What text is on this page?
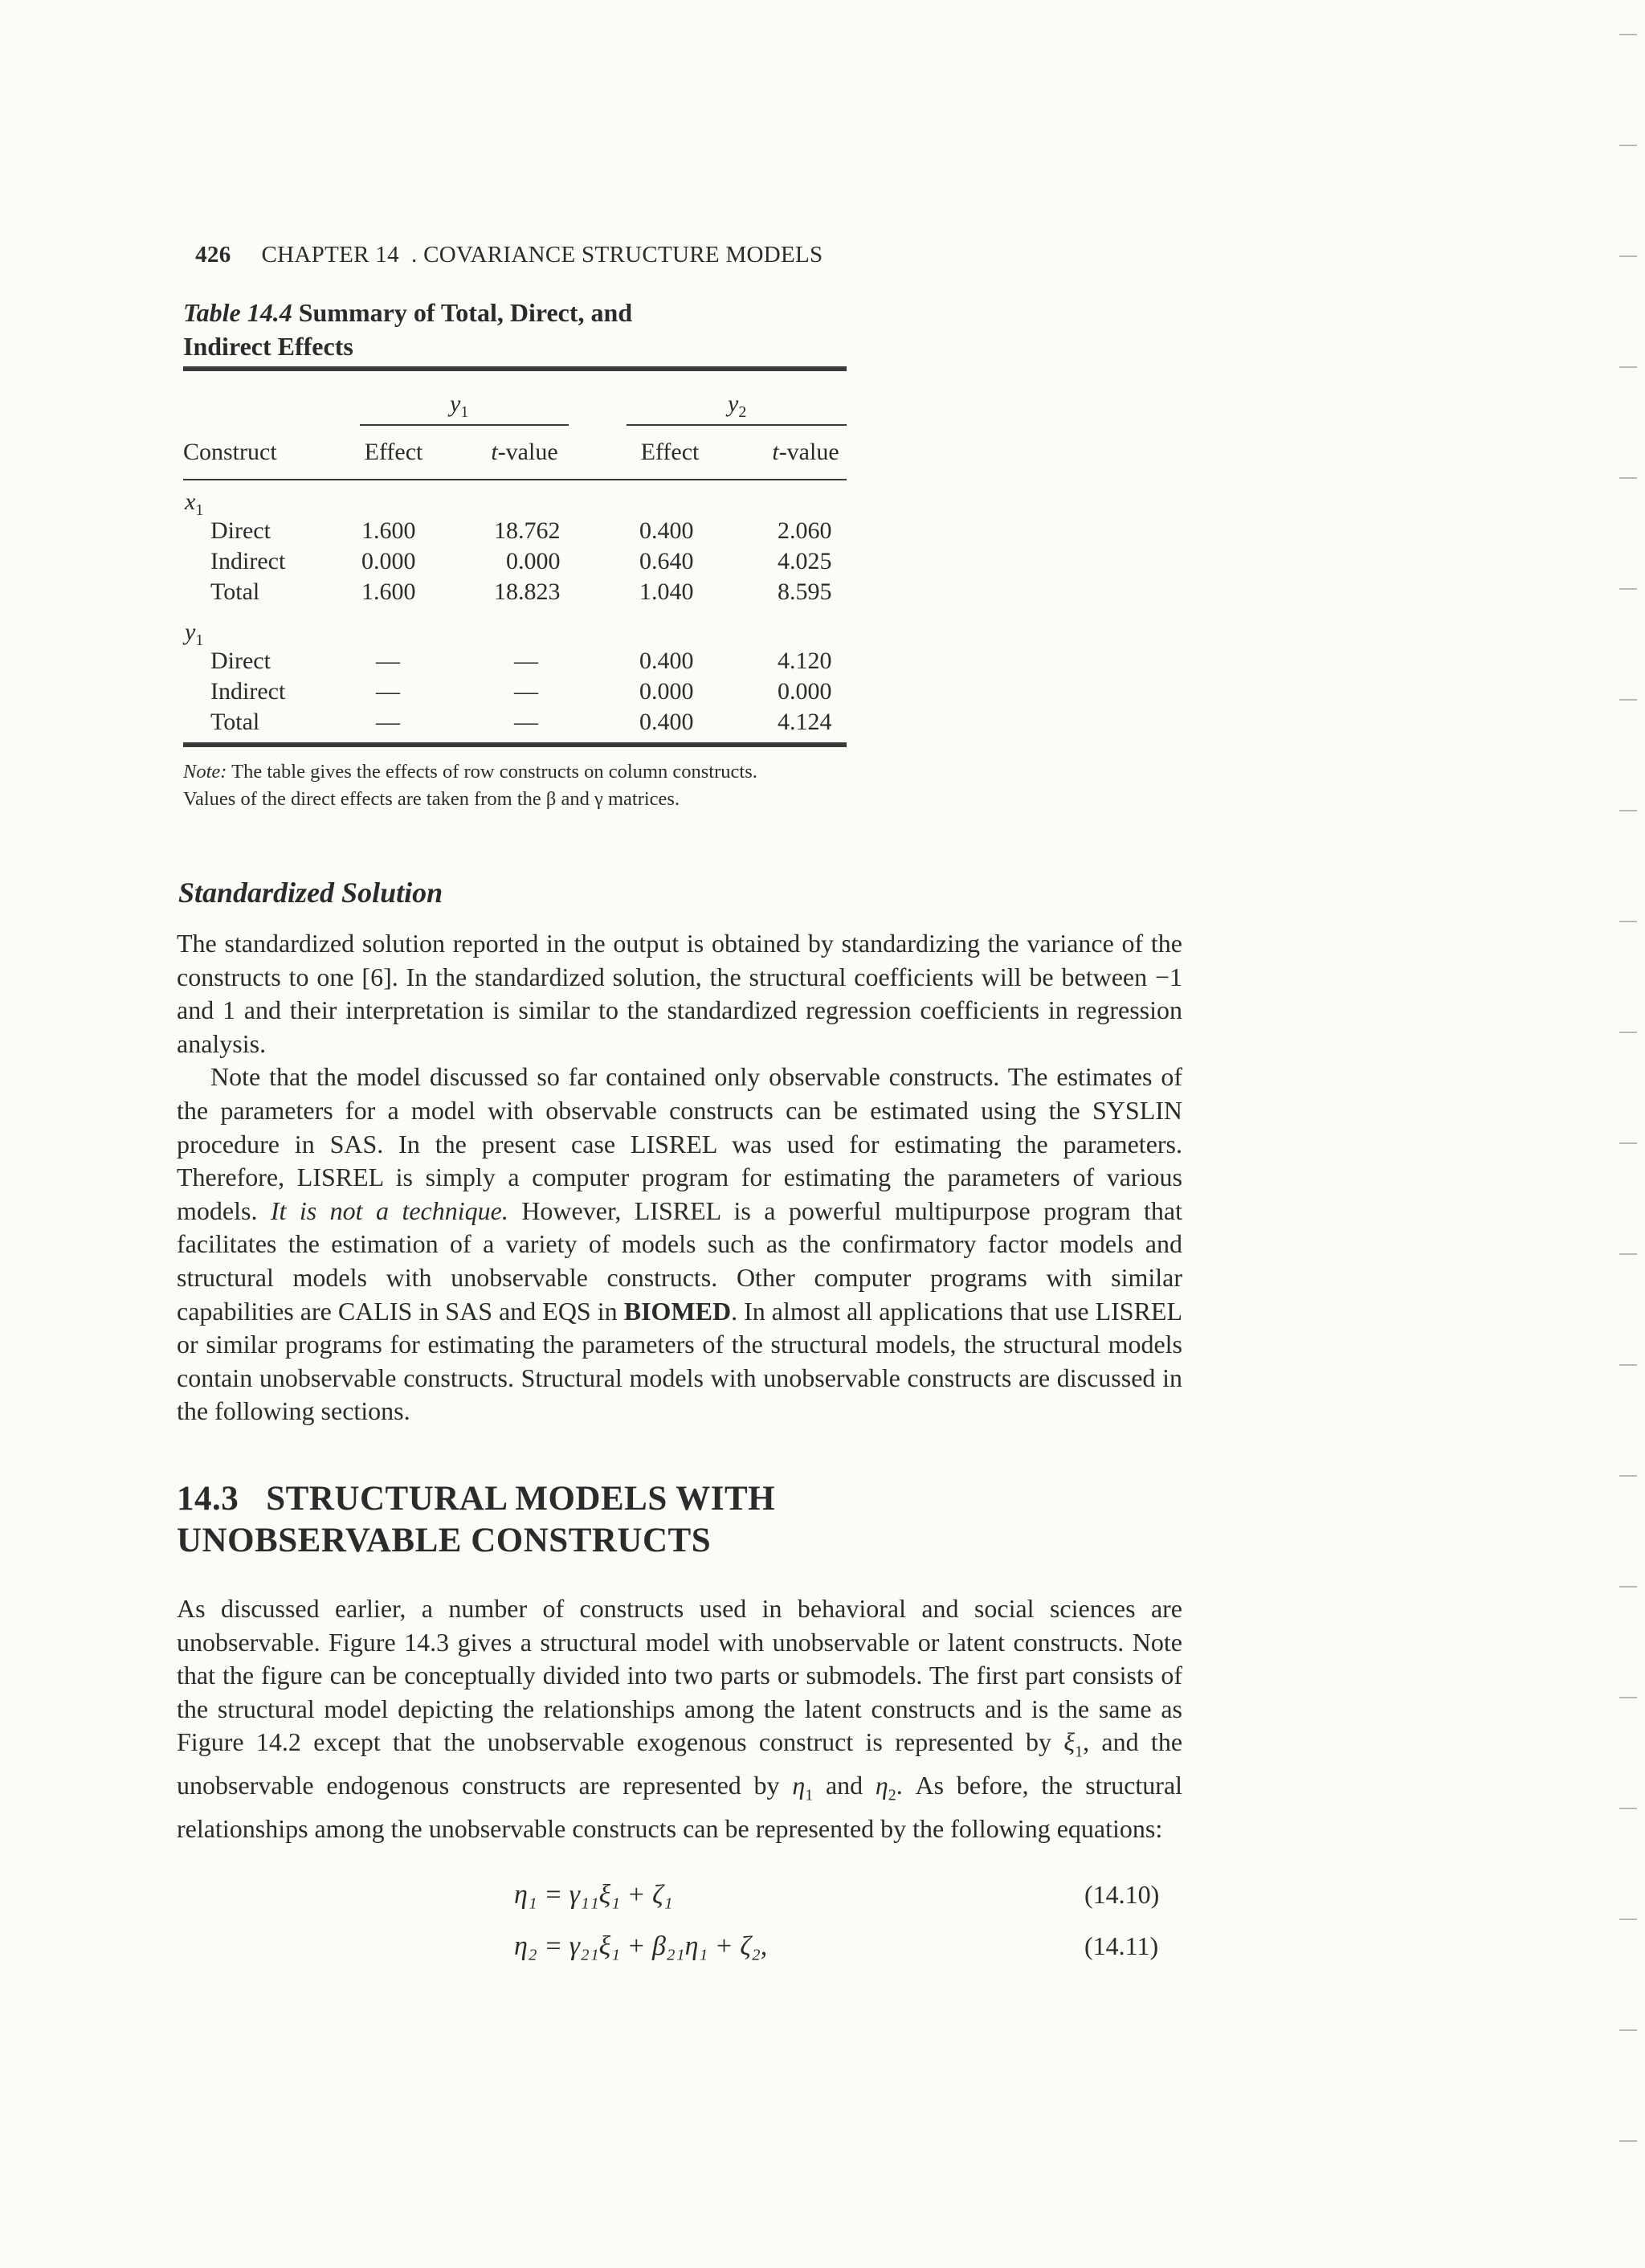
426 CHAPTER 14  . COVARIANCE STRUCTURE MODELS

Table 14.4 Summary of Total, Direct, and
Indirect Effects
$y_1$	$y_2$
Construct	Effect	t-value	Effect	t-value
$x_1$
Direct	1.600	18.762	0.400	2.060
Indirect	0.000	0.000	0.640	4.025
Total	1.600	18.823	1.040	8.595
$y_1$
Direct	—	—	0.400	4.120
Indirect	—	—	0.000	0.000
Total	—	—	0.400	4.124
Note: The table gives the effects of row constructs on column constructs.
Values of the direct effects are taken from the β and γ matrices.
Standardized Solution

The standardized solution reported in the output is obtained by standardizing the variance of the constructs to one [6]. In the standardized solution, the structural coefficients will be between −1 and 1 and their interpretation is similar to the standardized regression coefficients in regression analysis.

Note that the model discussed so far contained only observable constructs. The estimates of the parameters for a model with observable constructs can be estimated using the SYSLIN procedure in SAS. In the present case LISREL was used for estimating the parameters. Therefore, LISREL is simply a computer program for estimating the parameters of various models. It is not a technique. However, LISREL is a powerful multipurpose program that facilitates the estimation of a variety of models such as the confirmatory factor models and structural models with unobservable constructs. Other computer programs with similar capabilities are CALIS in SAS and EQS in BIOMED. In almost all applications that use LISREL or similar programs for estimating the parameters of the structural models, the structural models contain unobservable constructs. Structural models with unobservable constructs are discussed in the following sections.

14.3 STRUCTURAL MODELS WITH
UNOBSERVABLE CONSTRUCTS

As discussed earlier, a number of constructs used in behavioral and social sciences are unobservable. Figure 14.3 gives a structural model with unobservable or latent constructs. Note that the figure can be conceptually divided into two parts or submodels. The first part consists of the structural model depicting the relationships among the latent constructs and is the same as Figure 14.2 except that the unobservable exogenous construct is represented by $\xi_1$, and the unobservable endogenous constructs are represented by $\eta_1$ and $\eta_2$. As before, the structural relationships among the unobservable constructs can be represented by the following equations:

η₁ = γ₁₁ξ₁ + ζ₁	(14.10)
η₂ = γ₂₁ξ₁ + β₂₁η₁ + ζ₂,	(14.11)
